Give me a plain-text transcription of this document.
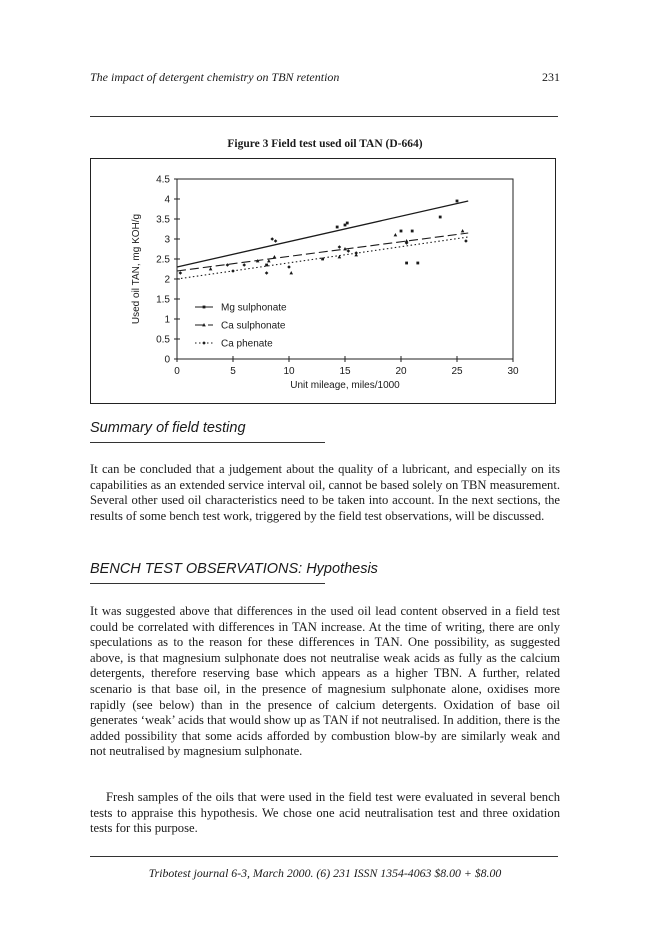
The impact of detergent chemistry on TBN retention	231
Figure 3 Field test used oil TAN (D-664)
0
0.5
1
1.5
2
2.5
3
3.5
4
4.5
0	5	10	15	20	25	30
Unit mileage, miles/1000
Used oil TAN, mg KOH/g	Mg sulphonate
Ca sulphonate
Ca phenate
Summary of field testing

It can be concluded that a judgement about the quality of a lubricant, and especially on its capabilities as an extended service interval oil, cannot be based solely on TBN measurement. Several other used oil characteristics need to be taken into account. In the next sections, the results of some bench test work, triggered by the field test observations, will be discussed.

BENCH TEST OBSERVATIONS: Hypothesis

It was suggested above that differences in the used oil lead content observed in a field test could be correlated with differences in TAN increase. At the time of writing, there are only speculations as to the reason for these differences in TAN. One possibility, as suggested above, is that magnesium sulphonate does not neutralise weak acids as fully as the calcium detergents, therefore reserving base which appears as a higher TBN. A further, related scenario is that base oil, in the presence of magnesium sulphonate alone, oxidises more rapidly (see below) than in the presence of calcium detergents. Oxidation of base oil generates ‘weak’ acids that would show up as TAN if not neutralised. In addition, there is the added possibility that some acids afforded by combustion blow-by are similarly weak and not neutralised by magnesium sulphonate.

Fresh samples of the oils that were used in the field test were evaluated in several bench tests to appraise this hypothesis. We chose one acid neutralisation test and three oxidation tests for this purpose.

Tribotest journal 6-3, March 2000. (6) 231 ISSN 1354-4063 $8.00 + $8.00
